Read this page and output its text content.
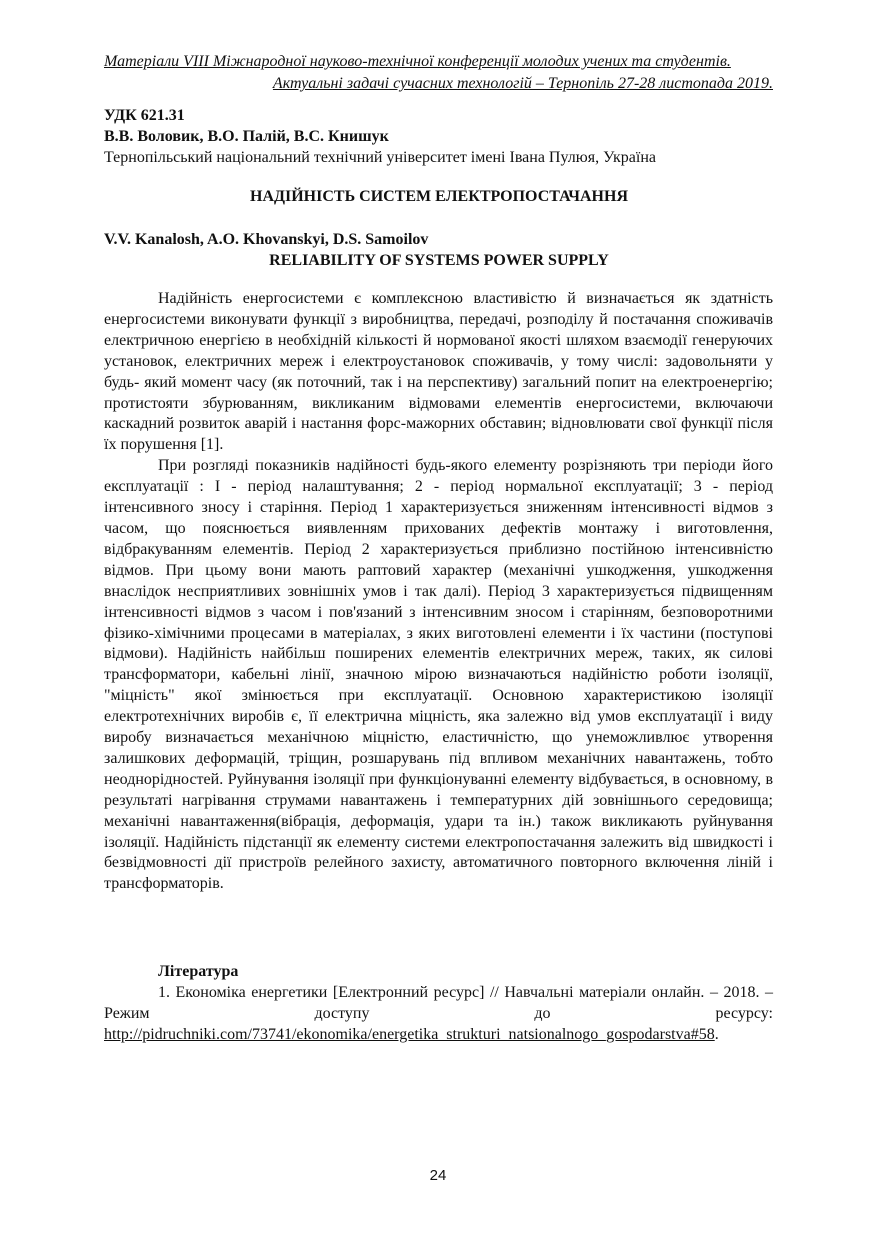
Матеріали VIII Міжнародної науково-технічної конференції молодих учених та студентів.
Актуальні задачі сучасних технологій – Тернопіль 27-28 листопада 2019.
УДК 621.31
В.В. Воловик, В.О. Палій, В.С. Книшук
Тернопільський національний технічний університет імені Івана Пулюя, Україна
НАДІЙНІСТЬ СИСТЕМ ЕЛЕКТРОПОСТАЧАННЯ
V.V. Kanalosh, A.O. Khovanskyi, D.S. Samoilov
RELIABILITY OF SYSTEMS POWER SUPPLY

Надійність енергосистеми є комплексною властивістю й визначається як здатність енергосистеми виконувати функції з виробництва, передачі, розподілу й постачання споживачів електричною енергією в необхідній кількості й нормованої якості шляхом взаємодії генеруючих установок, електричних мереж і електроустановок споживачів, у тому числі: задовольняти у будь- який момент часу (як поточний, так і на перспективу) загальний попит на електроенергію; протистояти збурюванням, викликаним відмовами елементів енергосистеми, включаючи каскадний розвиток аварій і настання форс-мажорних обставин; відновлювати свої функції після їх порушення [1].

При розгляді показників надійності будь-якого елементу розрізняють три періоди його експлуатації : І - період налаштування; 2 - період нормальної експлуатації; 3 - період інтенсивного зносу і старіння. Період 1 характеризується зниженням інтенсивності відмов з часом, що пояснюється виявленням прихованих дефектів монтажу і виготовлення, відбракуванням елементів. Період 2 характеризується приблизно постійною інтенсивністю відмов. При цьому вони мають раптовий характер (механічні ушкодження, ушкодження внаслідок несприятливих зовнішніх умов і так далі). Період 3 характеризується підвищенням інтенсивності відмов з часом і пов'язаний з інтенсивним зносом і старінням, безповоротними фізико-хімічними процесами в матеріалах, з яких виготовлені елементи і їх частини (поступові відмови). Надійність найбільш поширених елементів електричних мереж, таких, як силові трансформатори, кабельні лінії, значною мірою визначаються надійністю роботи ізоляції, "міцність" якої змінюється при експлуатації. Основною характеристикою ізоляції електротехнічних виробів є, її електрична міцність, яка залежно від умов експлуатації і виду виробу визначається механічною міцністю, еластичністю, що унеможливлює утворення залишкових деформацій, тріщин, розшарувань під впливом механічних навантажень, тобто неоднорідностей. Руйнування ізоляції при функціонуванні елементу відбувається, в основному, в результаті нагрівання струмами навантажень і температурних дій зовнішнього середовища; механічні навантаження(вібрація, деформація, удари та ін.) також викликають руйнування ізоляції. Надійність підстанції як елементу системи електропостачання залежить від швидкості і безвідмовності дії пристроїв релейного захисту, автоматичного повторного включення ліній і трансформаторів.

Література
1. Економіка енергетики [Електронний ресурс] // Навчальні матеріали онлайн. – 2018. – Режим доступу до ресурсу: http://pidruchniki.com/73741/ekonomika/energetika_strukturi_natsionalnogo_gospodarstva#58.
24
